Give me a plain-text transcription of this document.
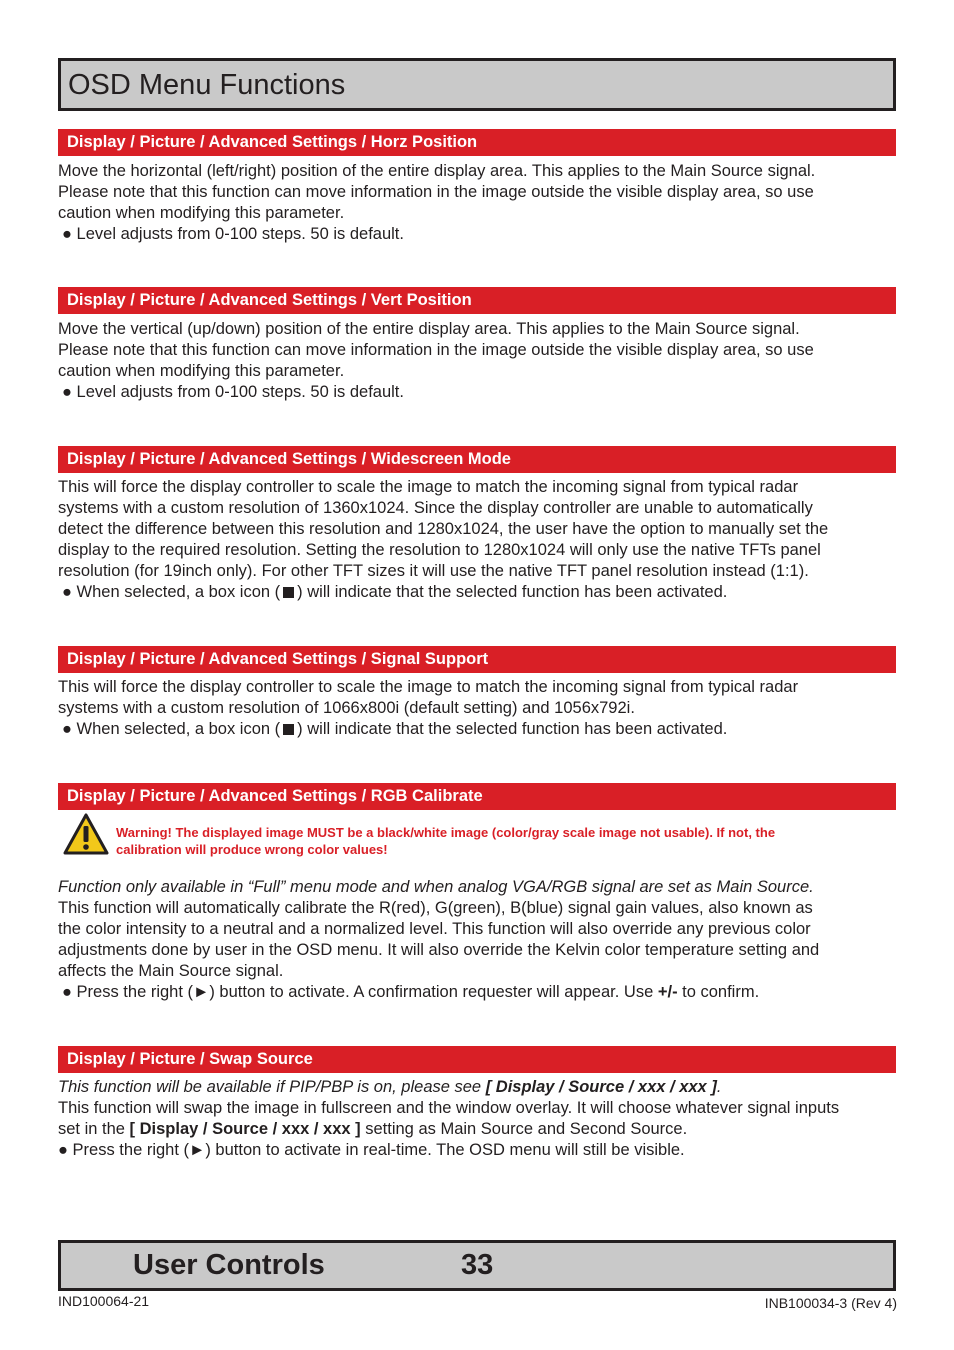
OSD Menu Functions
Display / Picture / Advanced Settings / Horz Position

Move the horizontal (left/right) position of the entire display area. This applies to the Main Source signal.

Please note that this function can move information in the image outside the visible display area, so use

caution when modifying this parameter.

● Level adjusts from 0-100 steps. 50 is default.

Display / Picture / Advanced Settings / Vert Position

Move the vertical (up/down) position of the entire display area. This applies to the Main Source signal.

Please note that this function can move information in the image outside the visible display area, so use

caution when modifying this parameter.

● Level adjusts from 0-100 steps. 50 is default.

Display / Picture / Advanced Settings / Widescreen Mode

This will force the display controller to scale the image to match the incoming signal from typical radar

systems with a custom resolution of 1360x1024. Since the display controller are unable to automatically

detect the difference between this resolution and 1280x1024, the user have the option to manually set the

display to the required resolution. Setting the resolution to 1280x1024 will only use the native TFTs panel

resolution (for 19inch only). For other TFT sizes it will use the native TFT panel resolution instead (1:1).

● When selected, a box icon ( ) will indicate that the selected function has been activated.

Display / Picture / Advanced Settings / Signal Support

This will force the display controller to scale the image to match the incoming signal from typical radar

systems with a custom resolution of 1066x800i (default setting) and 1056x792i.

● When selected, a box icon ( ) will indicate that the selected function has been activated.

Display / Picture / Advanced Settings / RGB Calibrate
Warning! The displayed image MUST be a black/white image (color/gray scale image not usable). If not, the
calibration will produce wrong color values!

Function only available in “Full” menu mode and when analog VGA/RGB signal are set as Main Source.

This function will automatically calibrate the R(red), G(green), B(blue) signal gain values, also known as

the color intensity to a neutral and a normalized level. This function will also override any previous color

adjustments done by user in the OSD menu. It will also override the Kelvin color temperature setting and

affects the Main Source signal.

● Press the right (►) button to activate. A confirmation requester will appear. Use +/- to confirm.

Display / Picture / Swap Source

This function will be available if PIP/PBP is on, please see [ Display / Source / xxx / xxx ].

This function will swap the image in fullscreen and the window overlay. It will choose whatever signal inputs

set in the [ Display / Source / xxx / xxx ] setting as Main Source and Second Source.

● Press the right (►) button to activate in real-time. The OSD menu will still be visible.

User Controls	33
IND100064-21	INB100034-3 (Rev 4)
